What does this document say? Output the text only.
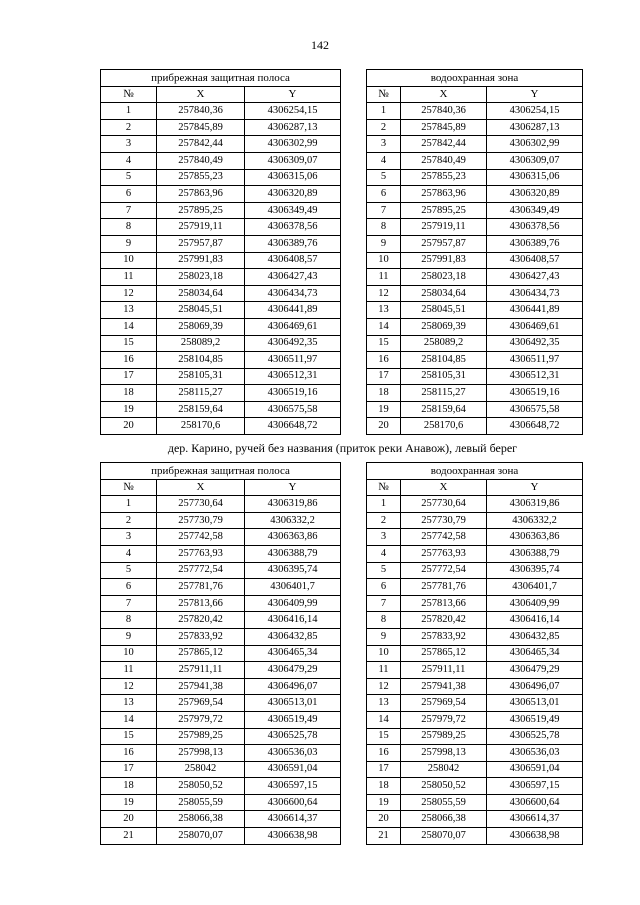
142
прибрежная защитная полоса		
№	X	Y
1	257840,36	4306254,15
2	257845,89	4306287,13
3	257842,44	4306302,99
4	257840,49	4306309,07
5	257855,23	4306315,06
6	257863,96	4306320,89
7	257895,25	4306349,49
8	257919,11	4306378,56
9	257957,87	4306389,76
10	257991,83	4306408,57
11	258023,18	4306427,43
12	258034,64	4306434,73
13	258045,51	4306441,89
14	258069,39	4306469,61
15	258089,2	4306492,35
16	258104,85	4306511,97
17	258105,31	4306512,31
18	258115,27	4306519,16
19	258159,64	4306575,58
20	258170,6	4306648,72
водоохранная зона		
№	X	Y
1	257840,36	4306254,15
2	257845,89	4306287,13
3	257842,44	4306302,99
4	257840,49	4306309,07
5	257855,23	4306315,06
6	257863,96	4306320,89
7	257895,25	4306349,49
8	257919,11	4306378,56
9	257957,87	4306389,76
10	257991,83	4306408,57
11	258023,18	4306427,43
12	258034,64	4306434,73
13	258045,51	4306441,89
14	258069,39	4306469,61
15	258089,2	4306492,35
16	258104,85	4306511,97
17	258105,31	4306512,31
18	258115,27	4306519,16
19	258159,64	4306575,58
20	258170,6	4306648,72
дер. Карино, ручей без названия (приток реки Анавож), левый берег
прибрежная защитная полоса		
№	X	Y
1	257730,64	4306319,86
2	257730,79	4306332,2
3	257742,58	4306363,86
4	257763,93	4306388,79
5	257772,54	4306395,74
6	257781,76	4306401,7
7	257813,66	4306409,99
8	257820,42	4306416,14
9	257833,92	4306432,85
10	257865,12	4306465,34
11	257911,11	4306479,29
12	257941,38	4306496,07
13	257969,54	4306513,01
14	257979,72	4306519,49
15	257989,25	4306525,78
16	257998,13	4306536,03
17	258042	4306591,04
18	258050,52	4306597,15
19	258055,59	4306600,64
20	258066,38	4306614,37
21	258070,07	4306638,98
водоохранная зона		
№	X	Y
1	257730,64	4306319,86
2	257730,79	4306332,2
3	257742,58	4306363,86
4	257763,93	4306388,79
5	257772,54	4306395,74
6	257781,76	4306401,7
7	257813,66	4306409,99
8	257820,42	4306416,14
9	257833,92	4306432,85
10	257865,12	4306465,34
11	257911,11	4306479,29
12	257941,38	4306496,07
13	257969,54	4306513,01
14	257979,72	4306519,49
15	257989,25	4306525,78
16	257998,13	4306536,03
17	258042	4306591,04
18	258050,52	4306597,15
19	258055,59	4306600,64
20	258066,38	4306614,37
21	258070,07	4306638,98
